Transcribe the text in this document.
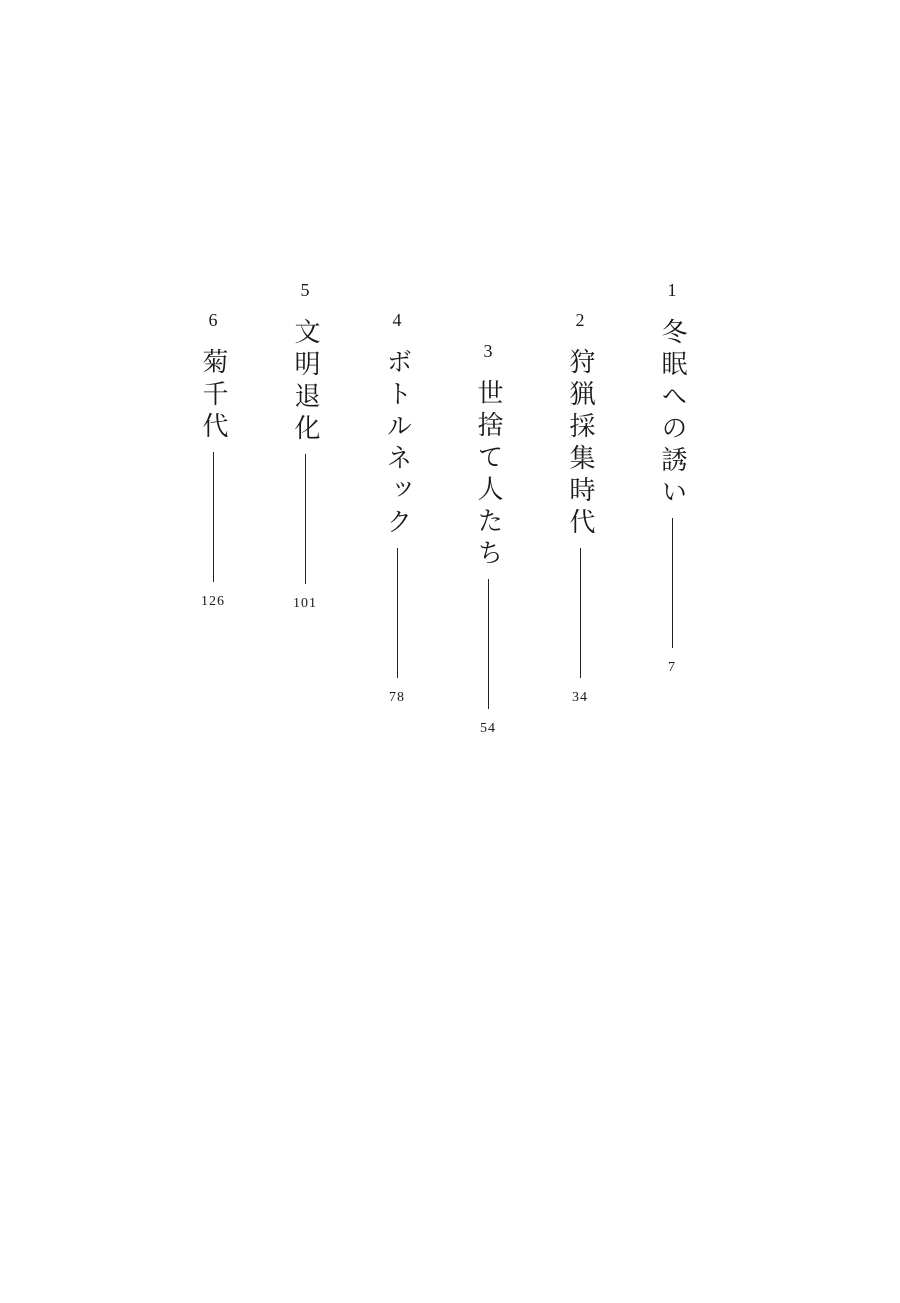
1
冬眠への誘い
7
2
狩猟採集時代
34
3
世捨て人たち
54
4
ボトルネック
78
5
文明退化
101
6
菊千代
126
